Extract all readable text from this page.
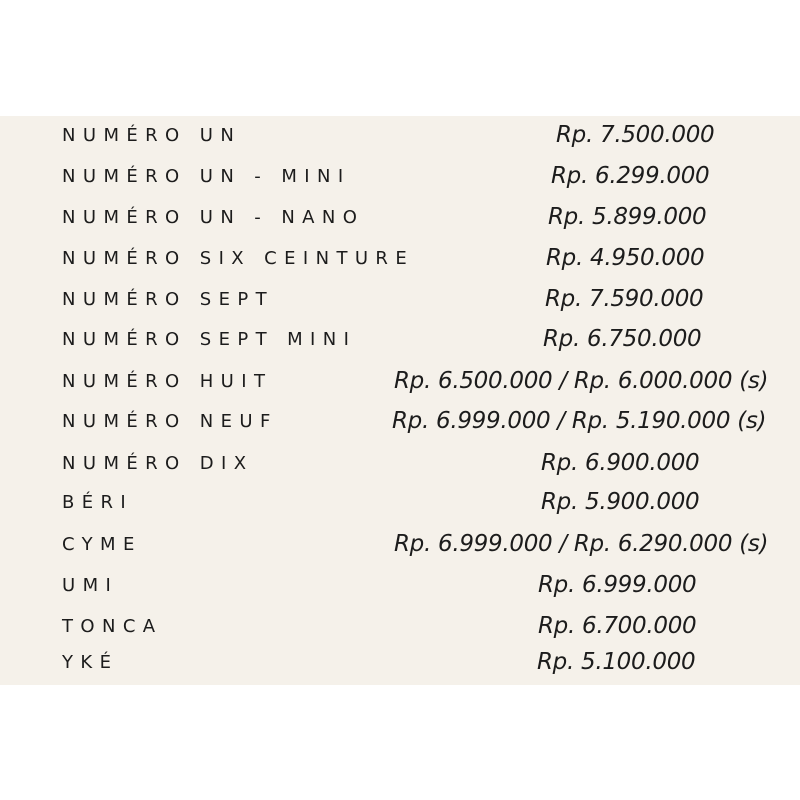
NUMÉRO UN	Rp. 7.500.000
NUMÉRO UN - MINI	Rp. 6.299.000
NUMÉRO UN - NANO	Rp. 5.899.000
NUMÉRO SIX CEINTURE	Rp. 4.950.000
NUMÉRO SEPT	Rp. 7.590.000
NUMÉRO SEPT MINI	Rp. 6.750.000
NUMÉRO HUIT	Rp. 6.500.000 / Rp. 6.000.000 (s)
NUMÉRO NEUF	Rp. 6.999.000 / Rp. 5.190.000 (s)
NUMÉRO DIX	Rp. 6.900.000
BÉRI	Rp. 5.900.000
CYME	Rp. 6.999.000 / Rp. 6.290.000 (s)
UMI	Rp. 6.999.000
TONCA	Rp. 6.700.000
YKÉ	Rp. 5.100.000
